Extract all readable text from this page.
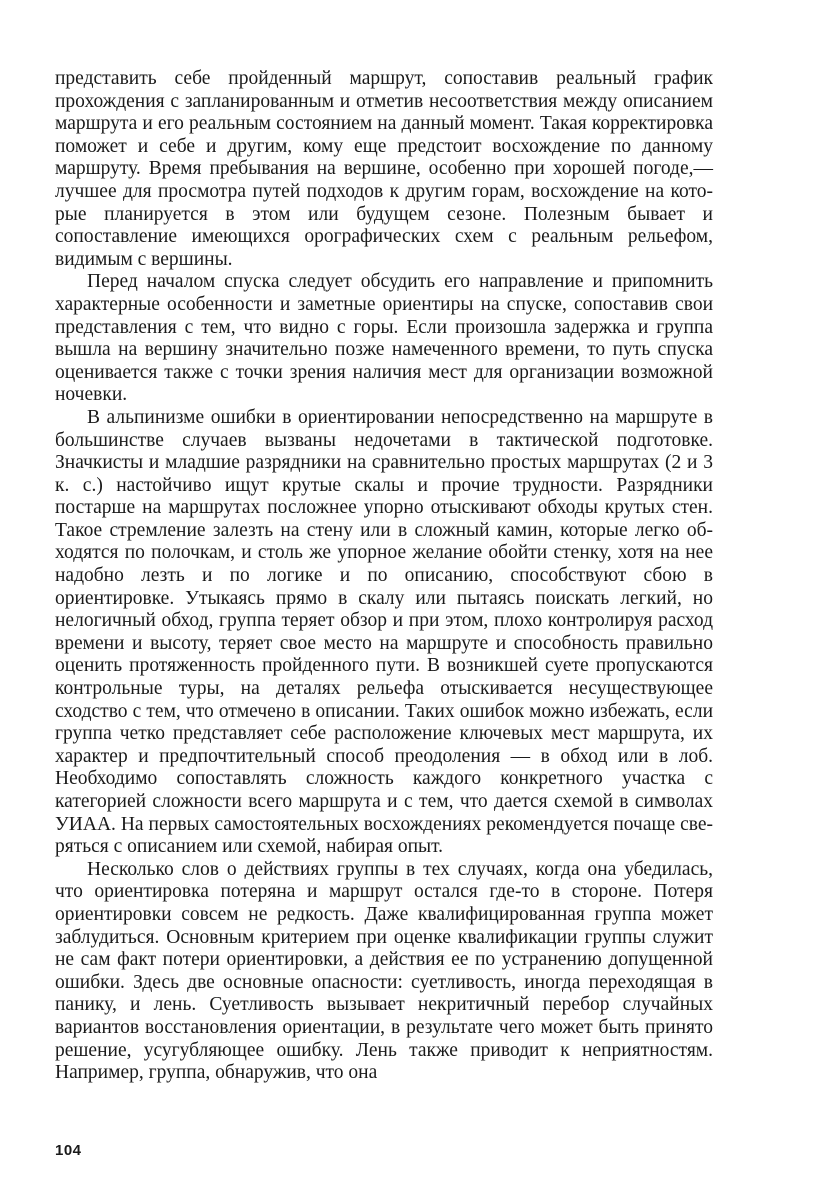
представить себе пройденный маршрут, сопоставив реальный график прохождения с запланированным и отметив несоответствия между описанием маршрута и его реальным состоянием на данный момент. Такая корректировка поможет и себе и другим, кому еще предстоит восхождение по данному маршруту. Время пребывания на вершине, особенно при хорошей погоде,— лучшее для просмотра путей подходов к другим горам, восхождение на которые планируется в этом или будущем сезоне. Полезным бывает и сопоставление имеющихся орографических схем с реальным рельефом, видимым с вершины.

Перед началом спуска следует обсудить его направление и припомнить характерные особенности и заметные ориентиры на спуске, сопоставив свои представления с тем, что видно с горы. Если произошла задержка и группа вышла на вершину значительно позже намеченного времени, то путь спуска оценивается также с точки зрения наличия мест для организации возможной ночевки.

В альпинизме ошибки в ориентировании непосредственно на маршруте в большинстве случаев вызваны недочетами в тактической подготовке. Значкисты и младшие разрядники на сравнительно простых маршрутах (2 и 3 к. с.) настойчиво ищут крутые скалы и прочие трудности. Разрядники постарше на маршрутах посложнее упорно отыскивают обходы крутых стен. Такое стремление залезть на стену или в сложный камин, которые легко обходятся по полочкам, и столь же упорное желание обойти стенку, хотя на нее надобно лезть и по логике и по описанию, способствуют сбою в ориентировке. Утыкаясь прямо в скалу или пытаясь поискать легкий, но нелогичный обход, группа теряет обзор и при этом, плохо контролируя расход времени и высоту, теряет свое место на маршруте и способность правильно оценить протяженность пройденного пути. В возникшей суете пропускаются контрольные туры, на деталях рельефа отыскивается несуществующее сходство с тем, что отмечено в описании. Таких ошибок можно избежать, если группа четко представляет себе расположение ключевых мест маршрута, их характер и предпочтительный способ преодоления — в обход или в лоб. Необходимо сопоставлять сложность каждого конкретного участка с категорией сложности всего маршрута и с тем, что дается схемой в символах УИАА. На первых самостоятельных восхождениях рекомендуется почаще сверяться с описанием или схемой, набирая опыт.

Несколько слов о действиях группы в тех случаях, когда она убедилась, что ориентировка потеряна и маршрут остался где-то в стороне. Потеря ориентировки совсем не редкость. Даже квалифицированная группа может заблудиться. Основным критерием при оценке квалификации группы служит не сам факт потери ориентировки, а действия ее по устранению допущенной ошибки. Здесь две основные опасности: суетливость, иногда переходящая в панику, и лень. Суетливость вызывает некритичный перебор случайных вариантов восстановления ориентации, в результате чего может быть принято решение, усугубляющее ошибку. Лень также приводит к неприятностям. Например, группа, обнаружив, что она

104
